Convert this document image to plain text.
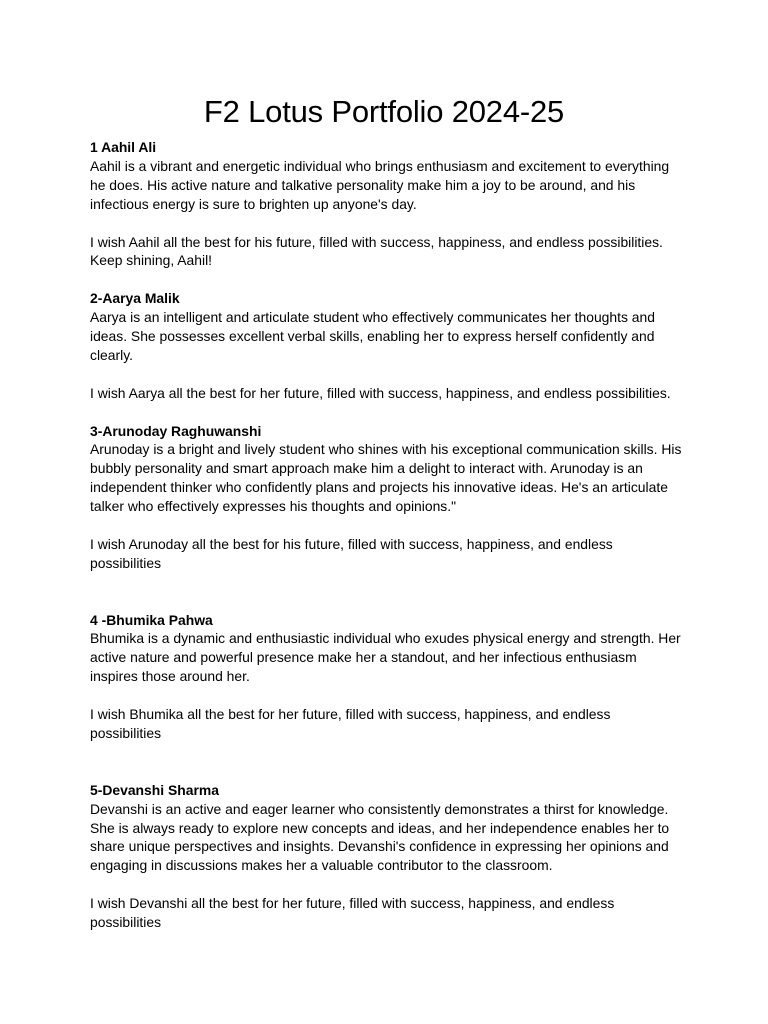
F2 Lotus Portfolio 2024-25
1 Aahil Ali
Aahil is a vibrant and energetic individual who brings enthusiasm and excitement to everything he does. His active nature and talkative personality make him a joy to be around, and his infectious energy is sure to brighten up anyone's day.
I wish Aahil all the best for his future, filled with success, happiness, and endless possibilities. Keep shining, Aahil!
2-Aarya Malik
Aarya is an intelligent and articulate student who effectively communicates her thoughts and ideas. She possesses excellent verbal skills, enabling her to express herself confidently and clearly.
I wish Aarya all the best for her future, filled with success, happiness, and endless possibilities.
3-Arunoday Raghuwanshi
Arunoday is a bright and lively student who shines with his exceptional communication skills. His bubbly personality and smart approach make him a delight to interact with. Arunoday is an independent thinker who confidently plans and projects his innovative ideas. He's an articulate talker who effectively expresses his thoughts and opinions."
I wish Arunoday all the best for his future, filled with success, happiness, and endless possibilities
4 -Bhumika Pahwa
Bhumika is a dynamic and enthusiastic individual who exudes physical energy and strength. Her active nature and powerful presence make her a standout, and her infectious enthusiasm inspires those around her.
I wish Bhumika all the best for her future, filled with success, happiness, and endless possibilities
5-Devanshi Sharma
Devanshi is an active and eager learner who consistently demonstrates a thirst for knowledge. She is always ready to explore new concepts and ideas, and her independence enables her to share unique perspectives and insights. Devanshi's confidence in expressing her opinions and engaging in discussions makes her a valuable contributor to the classroom.
I wish Devanshi all the best for her future, filled with success, happiness, and endless possibilities
